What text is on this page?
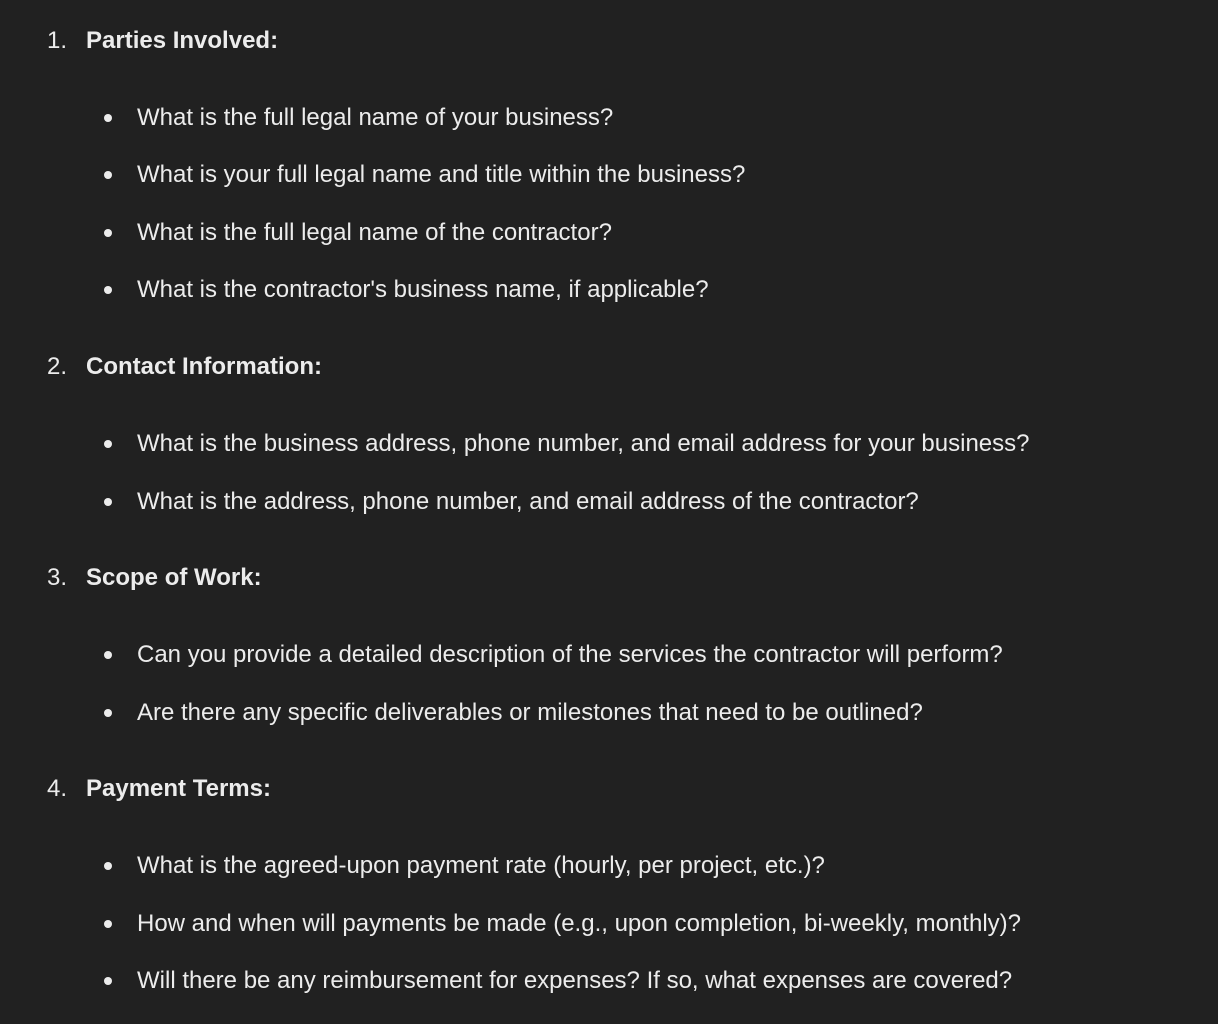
1. Parties Involved:
What is the full legal name of your business?
What is your full legal name and title within the business?
What is the full legal name of the contractor?
What is the contractor's business name, if applicable?
2. Contact Information:
What is the business address, phone number, and email address for your business?
What is the address, phone number, and email address of the contractor?
3. Scope of Work:
Can you provide a detailed description of the services the contractor will perform?
Are there any specific deliverables or milestones that need to be outlined?
4. Payment Terms:
What is the agreed-upon payment rate (hourly, per project, etc.)?
How and when will payments be made (e.g., upon completion, bi-weekly, monthly)?
Will there be any reimbursement for expenses? If so, what expenses are covered?
